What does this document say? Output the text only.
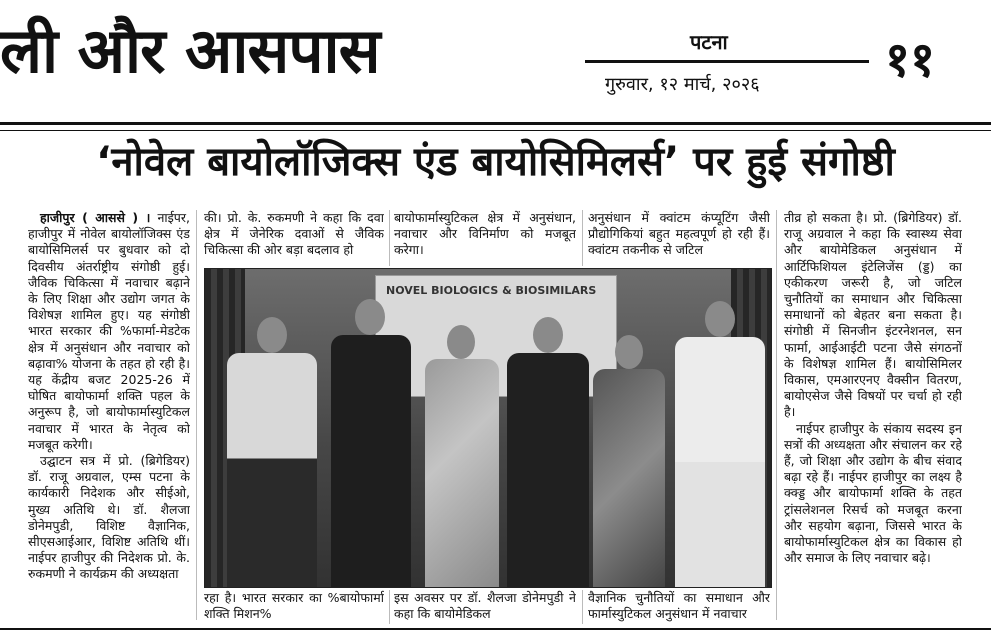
ली और आसपास	पटना
गुरुवार, १२ मार्च, २०२६	११
‘नोवेल बायोलॉजिक्स एंड बायोसिमिलर्स’ पर हुई संगोष्ठी

हाजीपुर ( आससे ) । नाईपर, हाजीपुर में नोवेल बायोलॉजिक्स एंड बायोसिमिलर्स पर बुधवार को दो दिवसीय अंतर्राष्ट्रीय संगोष्ठी हुई। जैविक चिकित्सा में नवाचार बढ़ाने के लिए शिक्षा और उद्योग जगत के विशेषज्ञ शामिल हुए। यह संगोष्ठी भारत सरकार की %फार्मा-मेडटेक क्षेत्र में अनुसंधान और नवाचार को बढ़ावा% योजना के तहत हो रही है। यह केंद्रीय बजट 2025-26 में घोषित बायोफार्मा शक्ति पहल के अनुरूप है, जो बायोफार्मास्युटिकल नवाचार में भारत के नेतृत्व को मजबूत करेगी।

उद्घाटन सत्र में प्रो. (ब्रिगेडियर) डॉ. राजू अग्रवाल, एम्स पटना के कार्यकारी निदेशक और सीईओ, मुख्य अतिथि थे। डॉ. शैलजा डोनेमपुडी, विशिष्ट वैज्ञानिक, सीएसआईआर, विशिष्ट अतिथि थीं। नाईपर हाजीपुर की निदेशक प्रो. के. रुकमणी ने कार्यक्रम की अध्यक्षता

की। प्रो. के. रुकमणी ने कहा कि दवा क्षेत्र में जेनेरिक दवाओं से जैविक चिकित्सा की ओर बड़ा बदलाव हो

बायोफार्मास्युटिकल क्षेत्र में अनुसंधान, नवाचार और विनिर्माण को मजबूत करेगा।

अनुसंधान में क्वांटम कंप्यूटिंग जैसी प्रौद्योगिकियां बहुत महत्वपूर्ण हो रही हैं। क्वांटम तकनीक से जटिल

NOVEL BIOLOGICS & BIOSIMILARS

रहा है। भारत सरकार का %बायोफार्मा शक्ति मिशन%

इस अवसर पर डॉ. शैलजा डोनेमपुडी ने कहा कि बायोमेडिकल

वैज्ञानिक चुनौतियों का समाधान और फार्मास्युटिकल अनुसंधान में नवाचार

तीव्र हो सकता है। प्रो. (ब्रिगेडियर) डॉ. राजू अग्रवाल ने कहा कि स्वास्थ्य सेवा और बायोमेडिकल अनुसंधान में आर्टिफिशियल इंटेलिजेंस (ड्ड) का एकीकरण जरूरी है, जो जटिल चुनौतियों का समाधान और चिकित्सा समाधानों को बेहतर बना सकता है। संगोष्ठी में सिनजीन इंटरनेशनल, सन फार्मा, आईआईटी पटना जैसे संगठनों के विशेषज्ञ शामिल हैं। बायोसिमिलर विकास, एमआरएनए वैक्सीन वितरण, बायोएसेज जैसे विषयों पर चर्चा हो रही है।

नाईपर हाजीपुर के संकाय सदस्य इन सत्रों की अध्यक्षता और संचालन कर रहे हैं, जो शिक्षा और उद्योग के बीच संवाद बढ़ा रहे हैं। नाईपर हाजीपुर का लक्ष्य है क्क्ड्ड और बायोफार्मा शक्ति के तहत ट्रांसलेशनल रिसर्च को मजबूत करना और सहयोग बढ़ाना, जिससे भारत के बायोफार्मास्युटिकल क्षेत्र का विकास हो और समाज के लिए नवाचार बढ़े।
